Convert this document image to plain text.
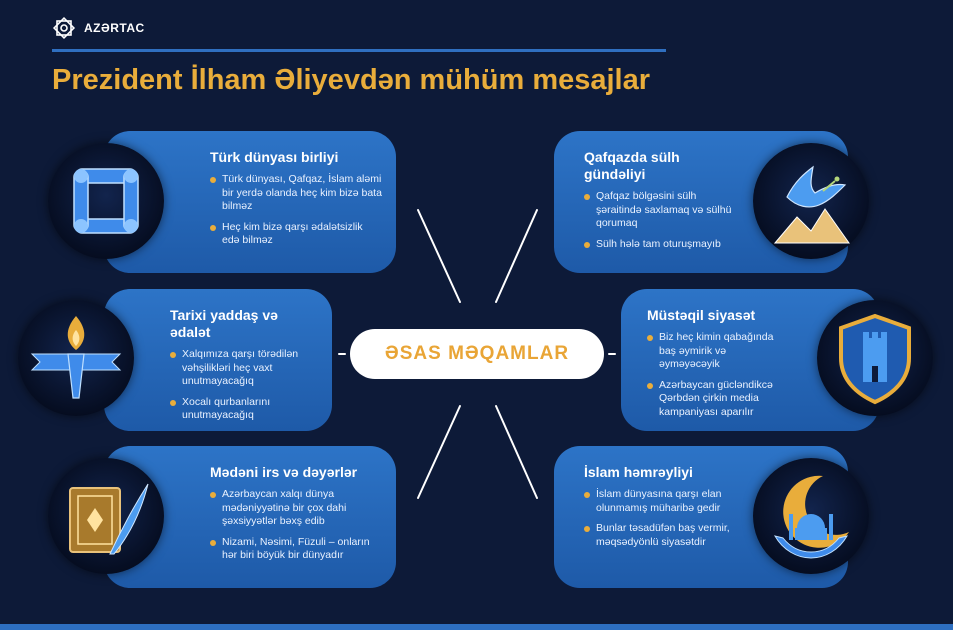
AZƏRTAC
Prezident İlham Əliyevdən mühüm mesajlar
ƏSAS MƏQAMLAR
Türk dünyası birliyi
Türk dünyası, Qafqaz, İslam aləmi bir yerdə olanda heç kim bizə bata bilməz
Heç kim bizə qarşı ədalətsizlik edə bilməz
Qafqazda sülh gündəliyi
Qafqaz bölgəsini sülh şəraitində saxlamaq və sülhü qorumaq
Sülh hələ tam oturuşmayıb
Tarixi yaddaş və ədalət
Xalqımıza qarşı törədilən vəhşilikləri heç vaxt unutmayacağıq
Xocalı qurbanlarını unutmayacağıq
Müstəqil siyasət
Biz heç kimin qabağında baş əymirik və əyməyəcəyik
Azərbaycan gücləndikcə Qərbdən çirkin media kampaniyası aparılır
Mədəni irs və dəyərlər
Azərbaycan xalqı dünya mədəniyyətinə bir çox dahi şəxsiyyətlər bəxş edib
Nizami, Nəsimi, Füzuli – onların hər biri böyük bir dünyadır
İslam həmrəyliyi
İslam dünyasına qarşı elan olunmamış müharibə gedir
Bunlar təsadüfən baş vermir, məqsədyönlü siyasətdir
